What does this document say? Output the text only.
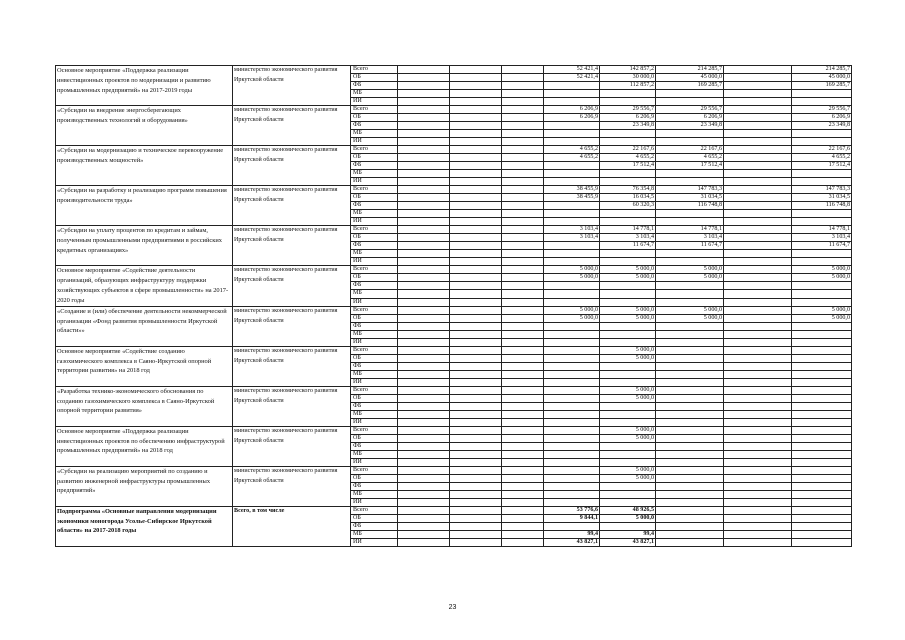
Основное мероприятие «Поддержка реализации инвестиционных проектов по модернизации и развитию промышленных предприятий» на 2017-2019 годы	министерство экономического развития Иркутской области	Всего				52 421,4	142 857,2	214 285,7		214 285,7
		ОБ				52 421,4	30 000,0	45 000,0		45 000,0
		ФБ					112 857,2	169 285,7		169 285,7
		МБ								
		ИИ								
«Субсидии на внедрение энергосберегающих производственных технологий и оборудования»	министерство экономического развития Иркутской области	Всего				6 206,9	29 556,7	29 556,7		29 556,7
		ОБ				6 206,9	6 206,9	6 206,9		6 206,9
		ФБ					23 349,8	23 349,8		23 349,8
		МБ								
		ИИ								
«Субсидии на модернизацию и техническое перевооружение производственных мощностей»	министерство экономического развития Иркутской области	Всего				4 655,2	22 167,6	22 167,6		22 167,6
		ОБ				4 655,2	4 655,2	4 655,2		4 655,2
		ФБ					17 512,4	17 512,4		17 512,4
		МБ								
		ИИ								
«Субсидии на разработку и реализацию программ повышения производительности труда»	министерство экономического развития Иркутской области	Всего				38 455,9	76 354,8	147 783,3		147 783,3
		ОБ				38 455,9	16 034,5	31 034,5		31 034,5
		ФБ					60 320,3	116 748,8		116 748,8
		МБ								
		ИИ								
«Субсидии на уплату процентов по кредитам и займам, полученным промышленными предприятиями в российских кредитных организациях»	министерство экономического развития Иркутской области	Всего				3 103,4	14 778,1	14 778,1		14 778,1
		ОБ				3 103,4	3 103,4	3 103,4		3 103,4
		ФБ					11 674,7	11 674,7		11 674,7
		МБ								
		ИИ								
Основное мероприятие «Содействие деятельности организаций, образующих инфраструктуру поддержки хозяйствующих субъектов в сфере промышленности» на 2017-2020 годы	министерство экономического развития Иркутской области	Всего				5 000,0	5 000,0	5 000,0		5 000,0
		ОБ				5 000,0	5 000,0	5 000,0		5 000,0
		ФБ								
		МБ								
		ИИ								
«Создание и (или) обеспечение деятельности некоммерческой организации «Фонд развития промышленности Иркутской области»»	министерство экономического развития Иркутской области	Всего				5 000,0	5 000,0	5 000,0		5 000,0
		ОБ				5 000,0	5 000,0	5 000,0		5 000,0
		ФБ								
		МБ								
		ИИ								
Основное мероприятие «Содействие созданию газохимического комплекса в Саяно-Иркутской опорной территории развития» на 2018 год	министерство экономического развития Иркутской области	Всего					5 000,0			
		ОБ					5 000,0			
		ФБ								
		МБ								
		ИИ								
«Разработка технико-экономического обоснования по созданию газохимического комплекса в Саяно-Иркутской опорной территории развития»	министерство экономического развития Иркутской области	Всего					5 000,0			
		ОБ					5 000,0			
		ФБ								
		МБ								
		ИИ								
Основное мероприятие «Поддержка реализации инвестиционных проектов по обеспечению инфраструктурой промышленных предприятий» на 2018 год	министерство экономического развития Иркутской области	Всего					5 000,0			
		ОБ					5 000,0			
		ФБ								
		МБ								
		ИИ								
«Субсидии на реализацию мероприятий по созданию и развитию инженерной инфраструктуры промышленных предприятий»	министерство экономического развития Иркутской области	Всего					5 000,0			
		ОБ					5 000,0			
		ФБ								
		МБ								
		ИИ								
Подпрограмма «Основные направления модернизации экономики моногорода Усолье-Сибирское Иркутской области» на 2017-2018 годы	Всего, в том числе	Всего				53 776,6	48 926,5			
		ОБ				9 844,1	5 000,0			
		ФБ								
		МБ				99,4	99,4			
		ИИ				43 827,1	43 827,1			
23
